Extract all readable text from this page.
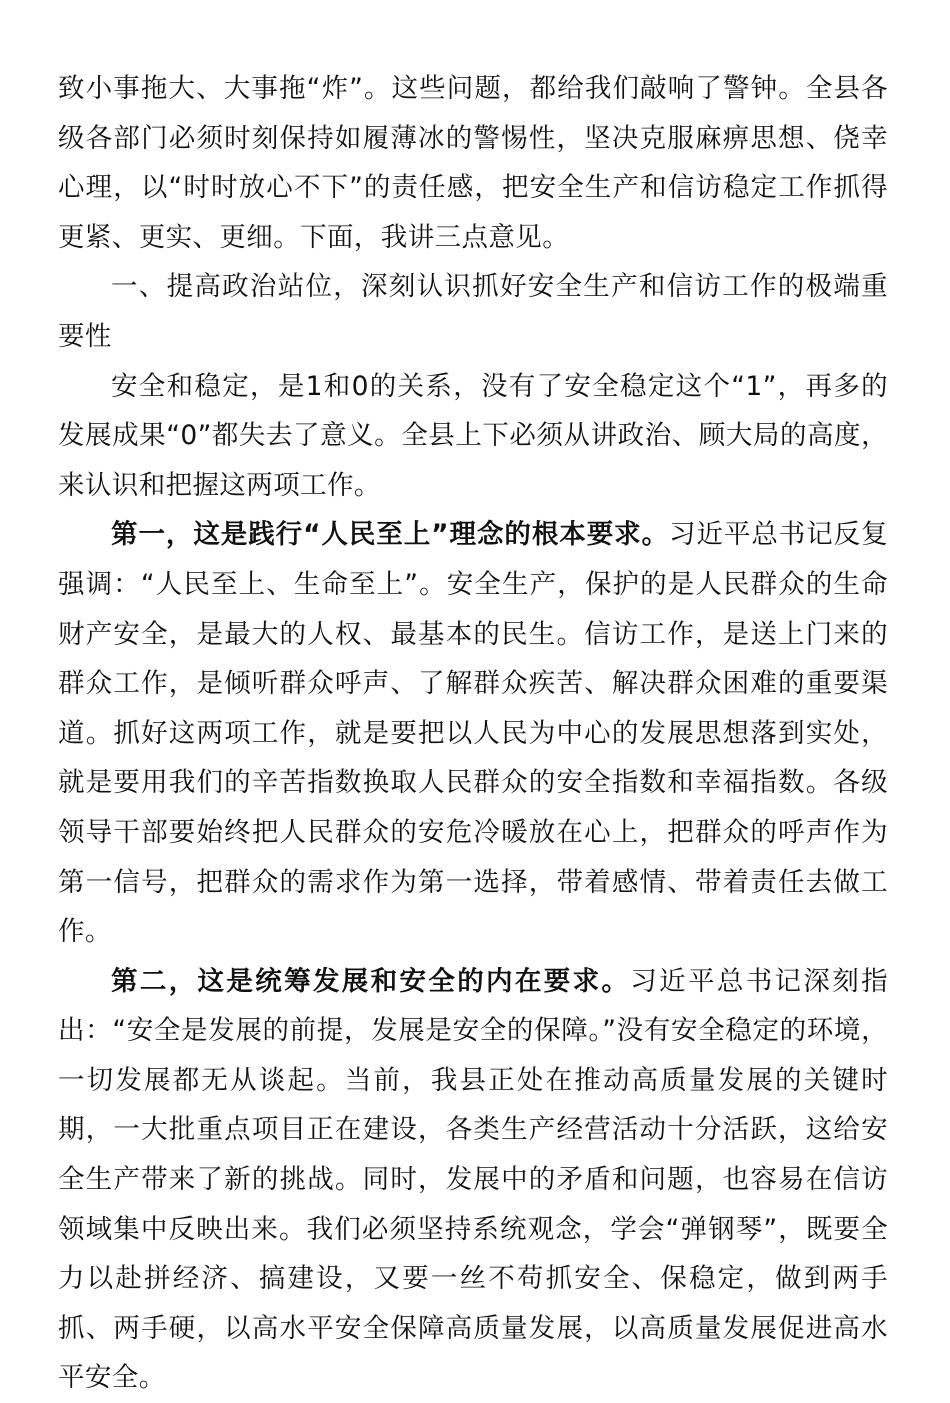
致小事拖大、大事拖“炸”。这些问题，都给我们敲响了警钟。全县各级各部门必须时刻保持如履薄冰的警惕性，坚决克服麻痹思想、侥幸心理，以“时时放心不下”的责任感，把安全生产和信访稳定工作抓得更紧、更实、更细。下面，我讲三点意见。

一、提高政治站位，深刻认识抓好安全生产和信访工作的极端重要性

安全和稳定，是1和0的关系，没有了安全稳定这个“1”，再多的发展成果“0”都失去了意义。全县上下必须从讲政治、顾大局的高度，来认识和把握这两项工作。

第一，这是践行“人民至上”理念的根本要求。习近平总书记反复强调：“人民至上、生命至上”。安全生产，保护的是人民群众的生命财产安全，是最大的人权、最基本的民生。信访工作，是送上门来的群众工作，是倾听群众呼声、了解群众疾苦、解决群众困难的重要渠道。抓好这两项工作，就是要把以人民为中心的发展思想落到实处，就是要用我们的辛苦指数换取人民群众的安全指数和幸福指数。各级领导干部要始终把人民群众的安危冷暖放在心上，把群众的呼声作为第一信号，把群众的需求作为第一选择，带着感情、带着责任去做工作。

第二，这是统筹发展和安全的内在要求。习近平总书记深刻指出：“安全是发展的前提，发展是安全的保障。”没有安全稳定的环境，一切发展都无从谈起。当前，我县正处在推动高质量发展的关键时期，一大批重点项目正在建设，各类生产经营活动十分活跃，这给安全生产带来了新的挑战。同时，发展中的矛盾和问题，也容易在信访领域集中反映出来。我们必须坚持系统观念，学会“弹钢琴”，既要全力以赴拼经济、搞建设，又要一丝不苟抓安全、保稳定，做到两手抓、两手硬，以高水平安全保障高质量发展，以高质量发展促进高水平安全。
